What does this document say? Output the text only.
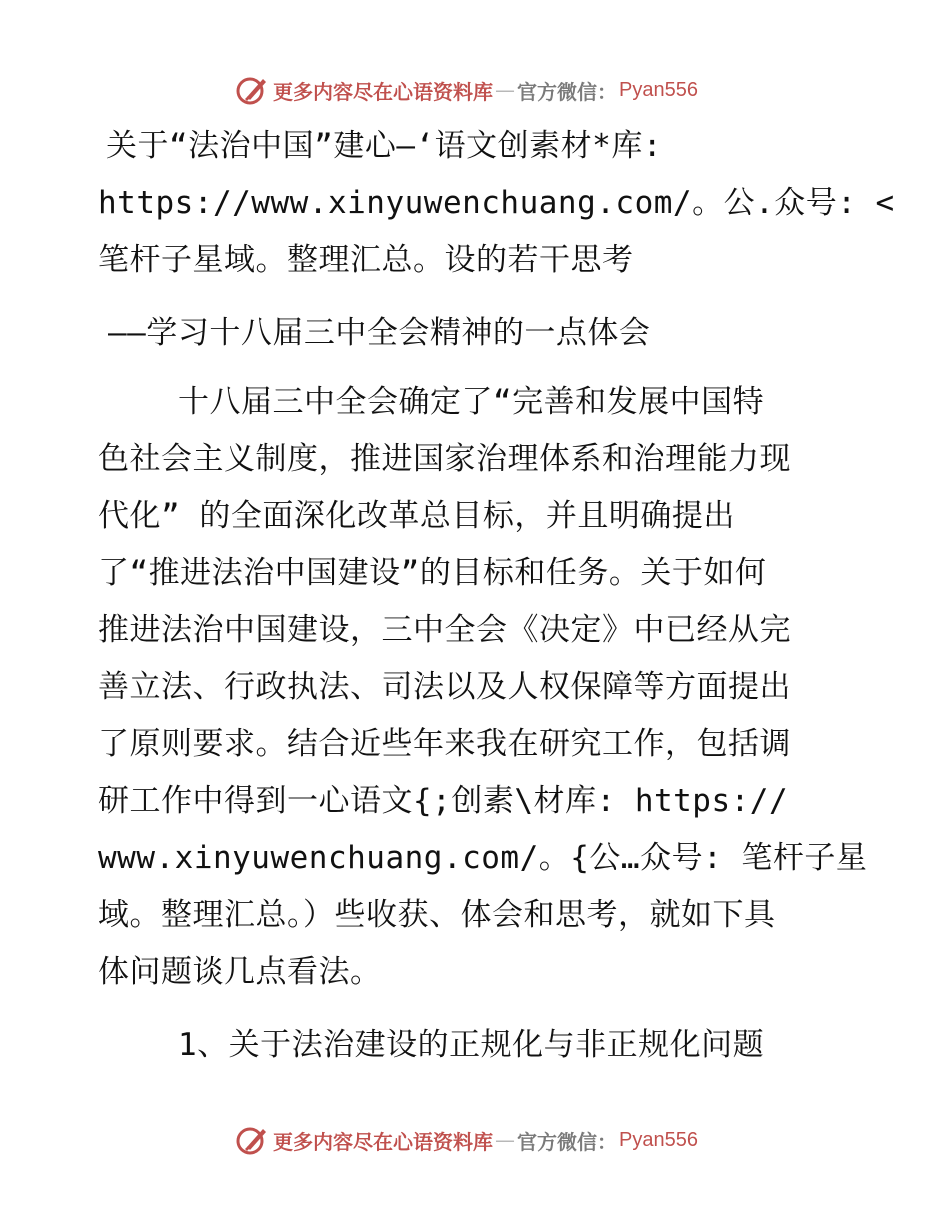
更多内容尽在心语资料库 — 官方微信： Pyan556
关于“法治中国”建心—‘语文创素材*库:
https://www.xinyuwenchuang.com/。公.众号: <
笔杆子星域。整理汇总。设的若干思考
——学习十八届三中全会精神的一点体会
十八届三中全会确定了“完善和发展中国特
色社会主义制度，推进国家治理体系和治理能力现
代化” 的全面深化改革总目标，并且明确提出
了“推进法治中国建设”的目标和任务。关于如何
推进法治中国建设，三中全会《决定》中已经从完
善立法、行政执法、司法以及人权保障等方面提出
了原则要求。结合近些年来我在研究工作，包括调
研工作中得到一心语文{;创素\材库: https://
www.xinyuwenchuang.com/。{公…众号: 笔杆子星
域。整理汇总。）些收获、体会和思考，就如下具
体问题谈几点看法。
1、关于法治建设的正规化与非正规化问题
更多内容尽在心语资料库 — 官方微信： Pyan556
